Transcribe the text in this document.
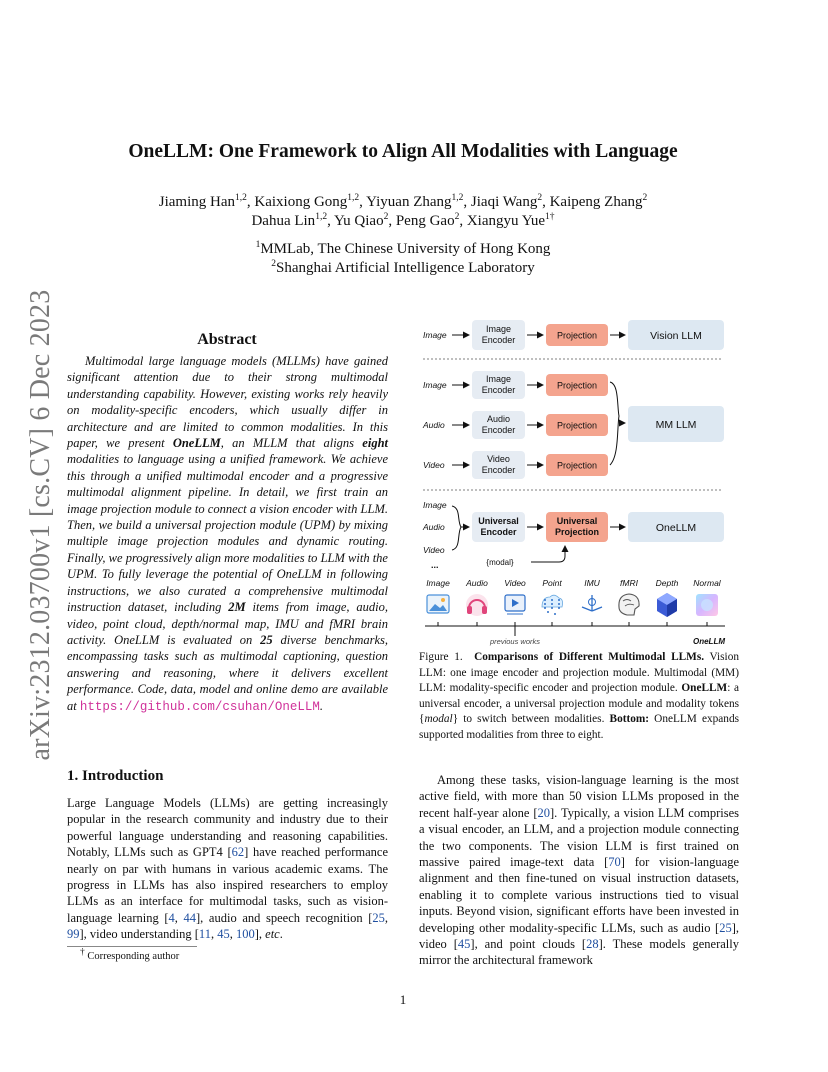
arXiv:2312.03700v1 [cs.CV] 6 Dec 2023
OneLLM: One Framework to Align All Modalities with Language
Jiaming Han$^{1,2}$, Kaixiong Gong$^{1,2}$, Yiyuan Zhang$^{1,2}$, Jiaqi Wang$^2$, Kaipeng Zhang$^2$
Dahua Lin$^{1,2}$, Yu Qiao$^2$, Peng Gao$^2$, Xiangyu Yue$^{1\dagger}$
$^1$MMLab, The Chinese University of Hong Kong
$^2$Shanghai Artificial Intelligence Laboratory
Abstract

Multimodal large language models (MLLMs) have gained significant attention due to their strong multimodal understanding capability. However, existing works rely heavily on modality-specific encoders, which usually differ in architecture and are limited to common modalities. In this paper, we present OneLLM, an MLLM that aligns eight modalities to language using a unified framework. We achieve this through a unified multimodal encoder and a progressive multimodal alignment pipeline. In detail, we first train an image projection module to connect a vision encoder with LLM. Then, we build a universal projection module (UPM) by mixing multiple image projection modules and dynamic routing. Finally, we progressively align more modalities to LLM with the UPM. To fully leverage the potential of OneLLM in following instructions, we also curated a comprehensive multimodal instruction dataset, including 2M items from image, audio, video, point cloud, depth/normal map, IMU and fMRI brain activity. OneLLM is evaluated on 25 diverse benchmarks, encompassing tasks such as multimodal captioning, question answering and reasoning, where it delivers excellent performance. Code, data, model and online demo are available at https://github.com/csuhan/OneLLM.

1. Introduction

Large Language Models (LLMs) are getting increasingly popular in the research community and industry due to their powerful language understanding and reasoning capabilities. Notably, LLMs such as GPT4 [62] have reached performance nearly on par with humans in various academic exams. The progress in LLMs has also inspired researchers to employ LLMs as an interface for multimodal tasks, such as vision-language learning [4, 44], audio and speech recognition [25, 99], video understanding [11, 45, 100], etc.

† Corresponding author
Image
Image
Encoder	Projection	Vision LLM
Image
Image
Encoder	Projection
Audio
Audio
Encoder	Projection
Video
Video
Encoder	Projection
MM LLM
Image
Audio
Video
...
Universal
Encoder
Universal
Projection
{modal}
OneLLM
Image Audio Video Point	IMU fMRI Depth Normal
previous works	OneLLM
Figure 1. Comparisons of Different Multimodal LLMs. Vision LLM: one image encoder and projection module. Multimodal (MM) LLM: modality-specific encoder and projection module. OneLLM: a universal encoder, a universal projection module and modality tokens {modal} to switch between modalities. Bottom: OneLLM expands supported modalities from three to eight.

Among these tasks, vision-language learning is the most active field, with more than 50 vision LLMs proposed in the recent half-year alone [20]. Typically, a vision LLM comprises a visual encoder, an LLM, and a projection module connecting the two components. The vision LLM is first trained on massive paired image-text data [70] for vision-language alignment and then fine-tuned on visual instruction datasets, enabling it to complete various instructions tied to visual inputs. Beyond vision, significant efforts have been invested in developing other modality-specific LLMs, such as audio [25], video [45], and point clouds [28]. These models generally mirror the architectural framework

1
